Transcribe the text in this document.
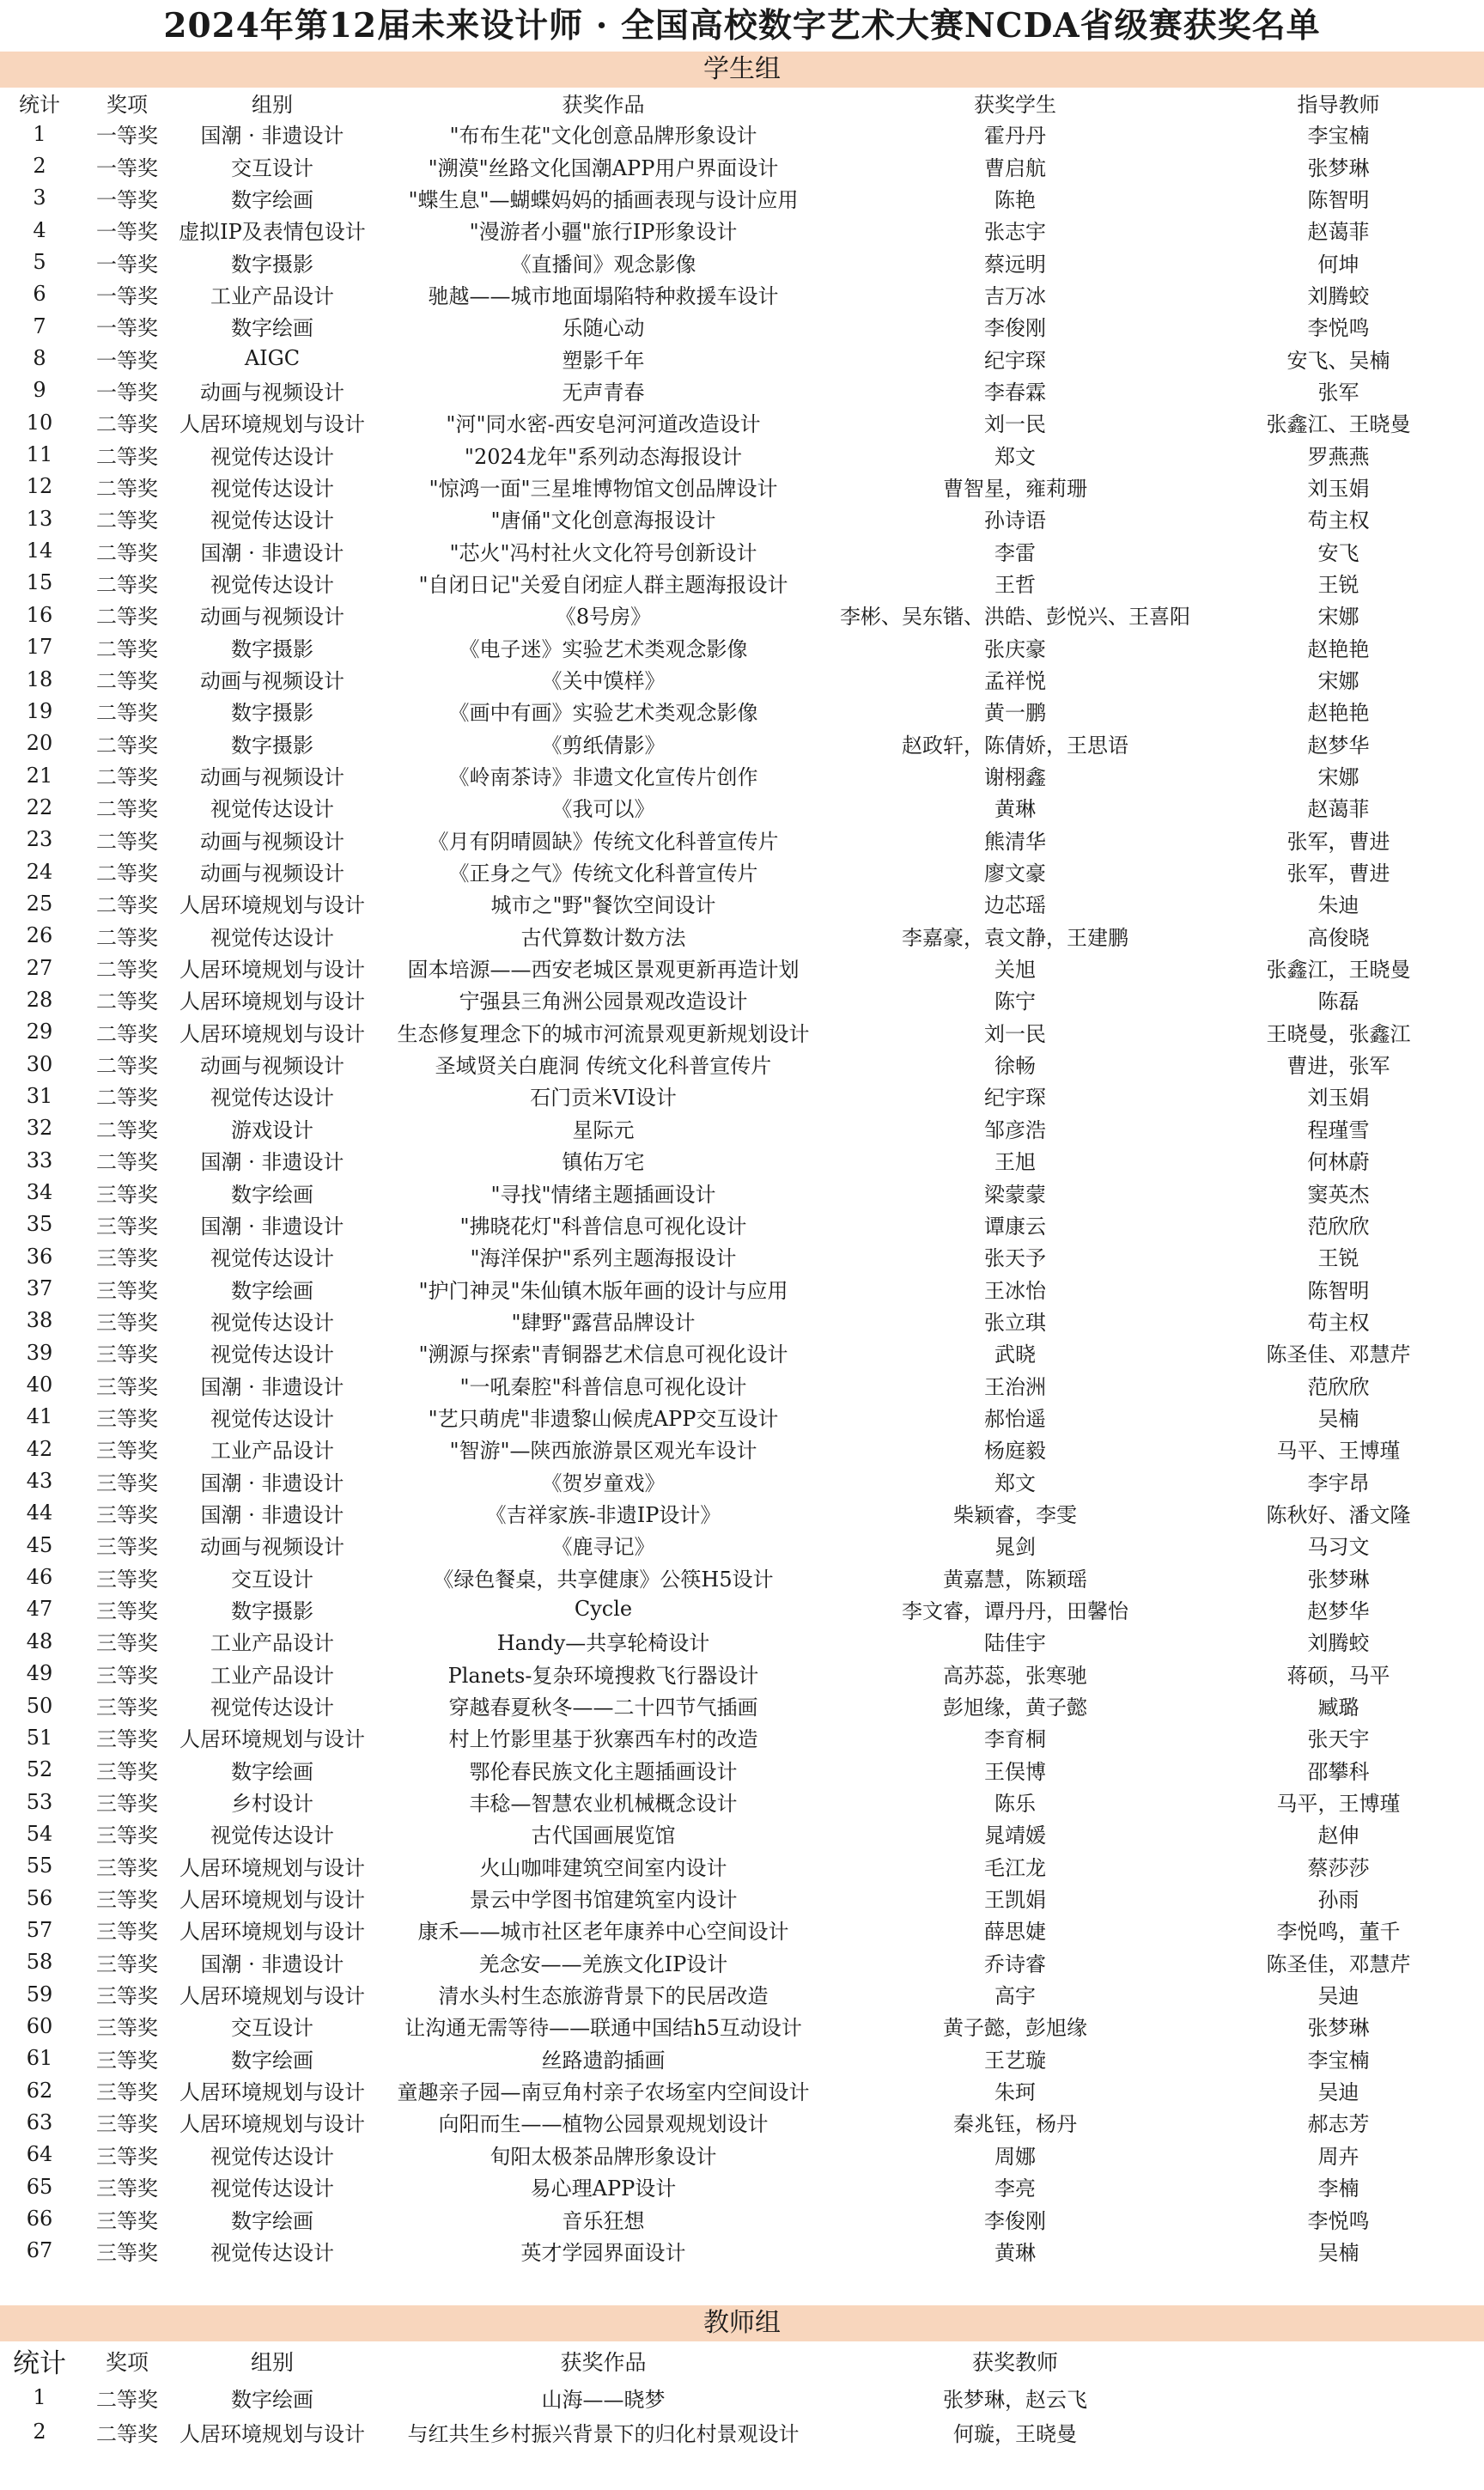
2024年第12届未来设计师 · 全国高校数字艺术大赛NCDA省级赛获奖名单
学生组
统计	奖项	组别	获奖作品	获奖学生	指导教师
1	一等奖	国潮 · 非遗设计	"布布生花"文化创意品牌形象设计	霍丹丹	李宝楠
2	一等奖	交互设计	"溯漠"丝路文化国潮APP用户界面设计	曹启航	张梦琳
3	一等奖	数字绘画	"蝶生息"—蝴蝶妈妈的插画表现与设计应用	陈艳	陈智明
4	一等奖	虚拟IP及表情包设计	"漫游者小疆"旅行IP形象设计	张志宇	赵蔼菲
5	一等奖	数字摄影	《直播间》观念影像	蔡远明	何坤
6	一等奖	工业产品设计	驰越——城市地面塌陷特种救援车设计	吉万冰	刘腾蛟
7	一等奖	数字绘画	乐随心动	李俊刚	李悦鸣
8	一等奖	AIGC	塑影千年	纪宇琛	安飞、吴楠
9	一等奖	动画与视频设计	无声青春	李春霖	张军
10	二等奖	人居环境规划与设计	"河"同水密-西安皂河河道改造设计	刘一民	张鑫江、王晓曼
11	二等奖	视觉传达设计	"2024龙年"系列动态海报设计	郑文	罗燕燕
12	二等奖	视觉传达设计	"惊鸿一面"三星堆博物馆文创品牌设计	曹智星，雍莉珊	刘玉娟
13	二等奖	视觉传达设计	"唐俑"文化创意海报设计	孙诗语	苟主权
14	二等奖	国潮 · 非遗设计	"芯火"冯村社火文化符号创新设计	李雷	安飞
15	二等奖	视觉传达设计	"自闭日记"关爱自闭症人群主题海报设计	王哲	王锐
16	二等奖	动画与视频设计	《8号房》	李彬、吴东锴、洪皓、彭悦兴、王喜阳	宋娜
17	二等奖	数字摄影	《电子迷》实验艺术类观念影像	张庆豪	赵艳艳
18	二等奖	动画与视频设计	《关中馍样》	孟祥悦	宋娜
19	二等奖	数字摄影	《画中有画》实验艺术类观念影像	黄一鹏	赵艳艳
20	二等奖	数字摄影	《剪纸倩影》	赵政轩，陈倩娇，王思语	赵梦华
21	二等奖	动画与视频设计	《岭南茶诗》非遗文化宣传片创作	谢栩鑫	宋娜
22	二等奖	视觉传达设计	《我可以》	黄琳	赵蔼菲
23	二等奖	动画与视频设计	《月有阴晴圆缺》传统文化科普宣传片	熊清华	张军，曹进
24	二等奖	动画与视频设计	《正身之气》传统文化科普宣传片	廖文豪	张军，曹进
25	二等奖	人居环境规划与设计	城市之"野"餐饮空间设计	边芯瑶	朱迪
26	二等奖	视觉传达设计	古代算数计数方法	李嘉豪，袁文静，王建鹏	高俊晓
27	二等奖	人居环境规划与设计	固本培源——西安老城区景观更新再造计划	关旭	张鑫江，王晓曼
28	二等奖	人居环境规划与设计	宁强县三角洲公园景观改造设计	陈宁	陈磊
29	二等奖	人居环境规划与设计	生态修复理念下的城市河流景观更新规划设计	刘一民	王晓曼，张鑫江
30	二等奖	动画与视频设计	圣域贤关白鹿洞 传统文化科普宣传片	徐畅	曹进，张军
31	二等奖	视觉传达设计	石门贡米VI设计	纪宇琛	刘玉娟
32	二等奖	游戏设计	星际元	邹彦浩	程瑾雪
33	二等奖	国潮 · 非遗设计	镇佑万宅	王旭	何林蔚
34	三等奖	数字绘画	"寻找"情绪主题插画设计	梁蒙蒙	窦英杰
35	三等奖	国潮 · 非遗设计	"拂晓花灯"科普信息可视化设计	谭康云	范欣欣
36	三等奖	视觉传达设计	"海洋保护"系列主题海报设计	张天予	王锐
37	三等奖	数字绘画	"护门神灵"朱仙镇木版年画的设计与应用	王冰怡	陈智明
38	三等奖	视觉传达设计	"肆野"露营品牌设计	张立琪	苟主权
39	三等奖	视觉传达设计	"溯源与探索"青铜器艺术信息可视化设计	武晓	陈圣佳、邓慧芹
40	三等奖	国潮 · 非遗设计	"一吼秦腔"科普信息可视化设计	王治洲	范欣欣
41	三等奖	视觉传达设计	"艺只萌虎"非遗黎山候虎APP交互设计	郝怡遥	吴楠
42	三等奖	工业产品设计	"智游"—陕西旅游景区观光车设计	杨庭毅	马平、王博瑾
43	三等奖	国潮 · 非遗设计	《贺岁童戏》	郑文	李宇昂
44	三等奖	国潮 · 非遗设计	《吉祥家族-非遗IP设计》	柴颖睿，李雯	陈秋好、潘文隆
45	三等奖	动画与视频设计	《鹿寻记》	晁剑	马习文
46	三等奖	交互设计	《绿色餐桌，共享健康》公筷H5设计	黄嘉慧，陈颖瑶	张梦琳
47	三等奖	数字摄影	Cycle	李文睿，谭丹丹，田馨怡	赵梦华
48	三等奖	工业产品设计	Handy—共享轮椅设计	陆佳宇	刘腾蛟
49	三等奖	工业产品设计	Planets-复杂环境搜救飞行器设计	高苏蕊，张寒驰	蒋硕，马平
50	三等奖	视觉传达设计	穿越春夏秋冬——二十四节气插画	彭旭缘，黄子懿	臧璐
51	三等奖	人居环境规划与设计	村上竹影里基于狄寨西车村的改造	李育桐	张天宇
52	三等奖	数字绘画	鄂伦春民族文化主题插画设计	王俣博	邵攀科
53	三等奖	乡村设计	丰稔—智慧农业机械概念设计	陈乐	马平，王博瑾
54	三等奖	视觉传达设计	古代国画展览馆	晁靖媛	赵伸
55	三等奖	人居环境规划与设计	火山咖啡建筑空间室内设计	毛江龙	蔡莎莎
56	三等奖	人居环境规划与设计	景云中学图书馆建筑室内设计	王凯娟	孙雨
57	三等奖	人居环境规划与设计	康禾——城市社区老年康养中心空间设计	薛思婕	李悦鸣，董千
58	三等奖	国潮 · 非遗设计	羌念安——羌族文化IP设计	乔诗睿	陈圣佳，邓慧芹
59	三等奖	人居环境规划与设计	清水头村生态旅游背景下的民居改造	高宇	吴迪
60	三等奖	交互设计	让沟通无需等待——联通中国结h5互动设计	黄子懿，彭旭缘	张梦琳
61	三等奖	数字绘画	丝路遗韵插画	王艺璇	李宝楠
62	三等奖	人居环境规划与设计	童趣亲子园—南豆角村亲子农场室内空间设计	朱珂	吴迪
63	三等奖	人居环境规划与设计	向阳而生——植物公园景观规划设计	秦兆钰，杨丹	郝志芳
64	三等奖	视觉传达设计	旬阳太极茶品牌形象设计	周娜	周卉
65	三等奖	视觉传达设计	易心理APP设计	李亮	李楠
66	三等奖	数字绘画	音乐狂想	李俊刚	李悦鸣
67	三等奖	视觉传达设计	英才学园界面设计	黄琳	吴楠
教师组
统计	奖项	组别	获奖作品	获奖教师	
1	二等奖	数字绘画	山海——晓梦	张梦琳，赵云飞	
2	二等奖	人居环境规划与设计	与红共生乡村振兴背景下的归化村景观设计	何璇，王晓曼	
